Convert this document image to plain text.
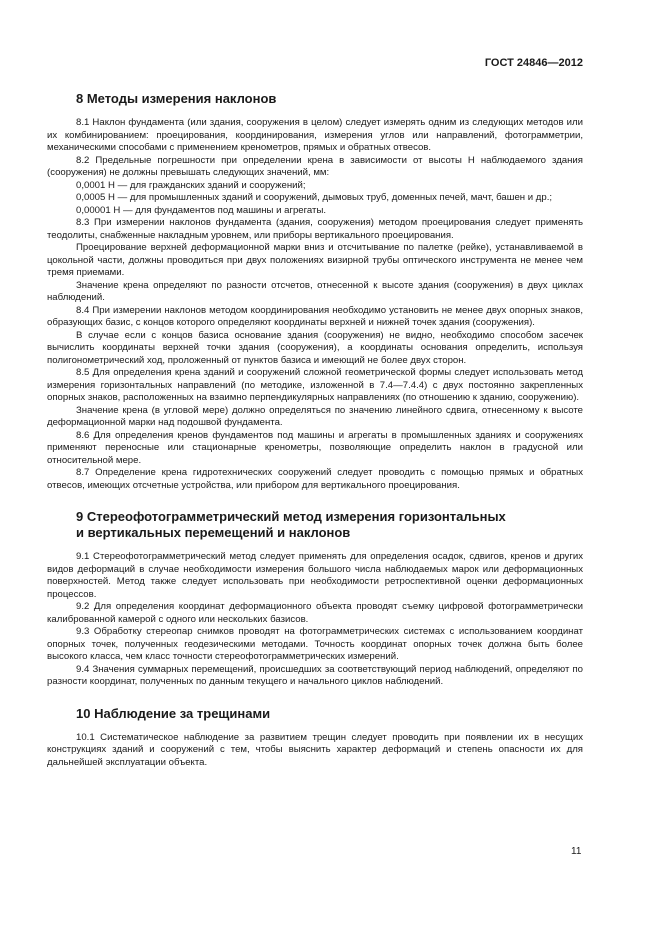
ГОСТ 24846—2012
8 Методы измерения наклонов

8.1 Наклон фундамента (или здания, сооружения в целом) следует измерять одним из следующих методов или их комбинированием: проецирования, координирования, измерения углов или направлений, фотограмметрии, механическими способами с применением кренометров, прямых и обратных отвесов.

8.2 Предельные погрешности при определении крена в зависимости от высоты H наблюдаемого здания (сооружения) не должны превышать следующих значений, мм:

0,0001 Н — для гражданских зданий и сооружений;

0,0005 Н — для промышленных зданий и сооружений, дымовых труб, доменных печей, мачт, башен и др.;

0,00001 Н — для фундаментов под машины и агрегаты.

8.3 При измерении наклонов фундамента (здания, сооружения) методом проецирования следует применять теодолиты, снабженные накладным уровнем, или приборы вертикального проецирования.

Проецирование верхней деформационной марки вниз и отсчитывание по палетке (рейке), устанавливаемой в цокольной части, должны проводиться при двух положениях визирной трубы оптического инструмента не менее чем тремя приемами.

Значение крена определяют по разности отсчетов, отнесенной к высоте здания (сооружения) в двух циклах наблюдений.

8.4 При измерении наклонов методом координирования необходимо установить не менее двух опорных знаков, образующих базис, с концов которого определяют координаты верхней и нижней точек здания (сооружения).

В случае если с концов базиса основание здания (сооружения) не видно, необходимо способом засечек вычислить координаты верхней точки здания (сооружения), а координаты основания определить, используя полигонометрический ход, проложенный от пунктов базиса и имеющий не более двух сторон.

8.5 Для определения крена зданий и сооружений сложной геометрической формы следует использовать метод измерения горизонтальных направлений (по методике, изложенной в 7.4—7.4.4) с двух постоянно закрепленных опорных знаков, расположенных на взаимно перпендикулярных направлениях (по отношению к зданию, сооружению).

Значение крена (в угловой мере) должно определяться по значению линейного сдвига, отнесенному к высоте деформационной марки над подошвой фундамента.

8.6 Для определения кренов фундаментов под машины и агрегаты в промышленных зданиях и сооружениях применяют переносные или стационарные кренометры, позволяющие определить наклон в градусной или относительной мере.

8.7 Определение крена гидротехнических сооружений следует проводить с помощью прямых и обратных отвесов, имеющих отсчетные устройства, или прибором для вертикального проецирования.

9 Стереофотограмметрический метод измерения горизонтальных
и вертикальных перемещений и наклонов

9.1 Стереофотограмметрический метод следует применять для определения осадок, сдвигов, кренов и других видов деформаций в случае необходимости измерения большого числа наблюдаемых марок или деформационных поверхностей. Метод также следует использовать при необходимости ретроспективной оценки деформационных процессов.

9.2 Для определения координат деформационного объекта проводят съемку цифровой фотограмметрически калиброванной камерой с одного или нескольких базисов.

9.3 Обработку стереопар снимков проводят на фотограмметрических системах с использованием координат опорных точек, полученных геодезическими методами. Точность координат опорных точек должна быть более высокого класса, чем класс точности стереофотограмметрических измерений.

9.4 Значения суммарных перемещений, происшедших за соответствующий период наблюдений, определяют по разности координат, полученных по данным текущего и начального циклов наблюдений.

10 Наблюдение за трещинами

10.1 Систематическое наблюдение за развитием трещин следует проводить при появлении их в несущих конструкциях зданий и сооружений с тем, чтобы выяснить характер деформаций и степень опасности их для дальнейшей эксплуатации объекта.

11
